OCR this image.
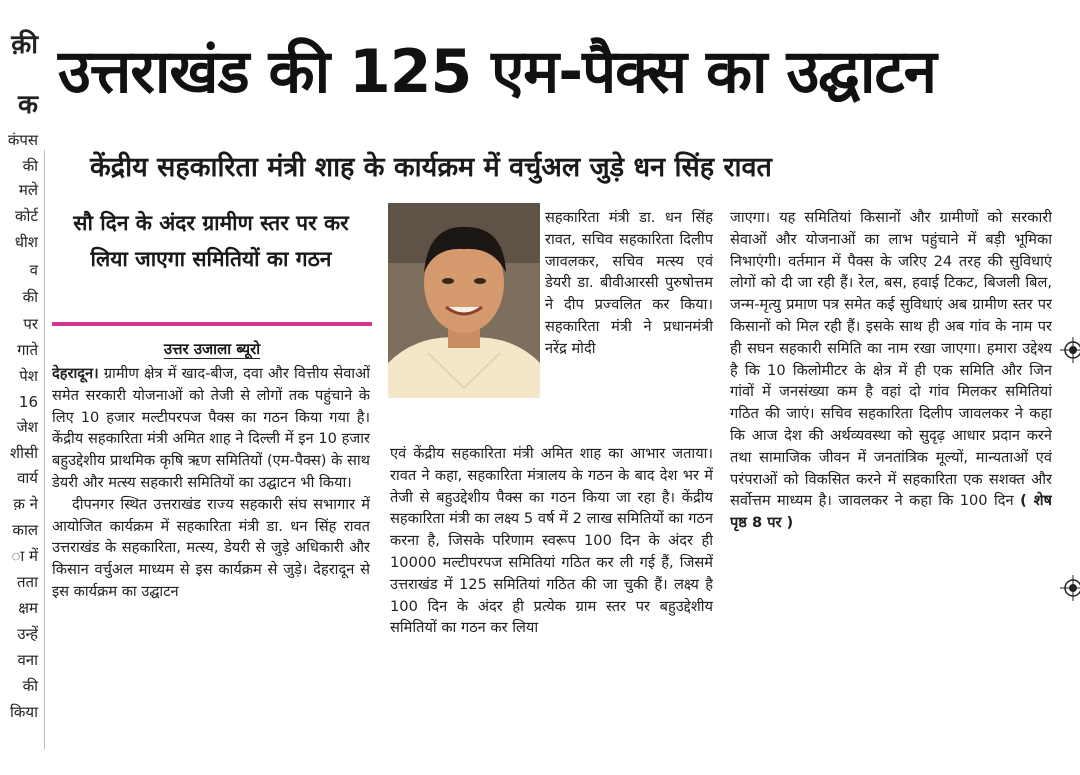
क़ी
क
कंपस
की
मले
कोर्ट
धीश
व
की
पर
गाते
पेश
16
जेश
शीसी
वार्य
क़ ने
काल
ा में
तता
क्षम
उन्हें
वना
की
किया
उत्तराखंड की 125 एम-पैक्स का उद्घाटन
केंद्रीय सहकारिता मंत्री शाह के कार्यक्रम में वर्चुअल जुड़े धन सिंह रावत
सौ दिन के अंदर ग्रामीण स्तर पर कर लिया जाएगा समितियों का गठन
उत्तर उजाला ब्यूरो

देहरादून। ग्रामीण क्षेत्र में खाद-बीज, दवा और वित्तीय सेवाओं समेत सरकारी योजनाओं को तेजी से लोगों तक पहुंचाने के लिए 10 हजार मल्टीपरपज पैक्स का गठन किया गया है। केंद्रीय सहकारिता मंत्री अमित शाह ने दिल्ली में इन 10 हजार बहुउद्देशीय प्राथमिक कृषि ऋण समितियों (एम-पैक्स) के साथ डेयरी और मत्स्य सहकारी समितियों का उद्घाटन भी किया।

दीपनगर स्थित उत्तराखंड राज्य सहकारी संघ सभागार में आयोजित कार्यक्रम में सहकारिता मंत्री डा. धन सिंह रावत उत्तराखंड के सहकारिता, मत्स्य, डेयरी से जुड़े अधिकारी और किसान वर्चुअल माध्यम से इस कार्यक्रम से जुड़े। देहरादून से इस कार्यक्रम का उद्घाटन

सहकारिता मंत्री डा. धन सिंह रावत, सचिव सहकारिता दिलीप जावलकर, सचिव मत्स्य एवं डेयरी डा. बीवीआरसी पुरुषोत्तम ने दीप प्रज्वलित कर किया। सहकारिता मंत्री ने प्रधानमंत्री नरेंद्र मोदी
एवं केंद्रीय सहकारिता मंत्री अमित शाह का आभार जताया। रावत ने कहा, सहकारिता मंत्रालय के गठन के बाद देश भर में तेजी से बहुउद्देशीय पैक्स का गठन किया जा रहा है। केंद्रीय सहकारिता मंत्री का लक्ष्य 5 वर्ष में 2 लाख समितियों का गठन करना है, जिसके परिणाम स्वरूप 100 दिन के अंदर ही 10000 मल्टीपरपज समितियां गठित कर ली गई हैं, जिसमें उत्तराखंड में 125 समितियां गठित की जा चुकी हैं। लक्ष्य है 100 दिन के अंदर ही प्रत्येक ग्राम स्तर पर बहुउद्देशीय समितियों का गठन कर लिया
जाएगा। यह समितियां किसानों और ग्रामीणों को सरकारी सेवाओं और योजनाओं का लाभ पहुंचाने में बड़ी भूमिका निभाएंगी। वर्तमान में पैक्स के जरिए 24 तरह की सुविधाएं लोगों को दी जा रही हैं। रेल, बस, हवाई टिकट, बिजली बिल, जन्म-मृत्यु प्रमाण पत्र समेत कई सुविधाएं अब ग्रामीण स्तर पर किसानों को मिल रही हैं। इसके साथ ही अब गांव के नाम पर ही सघन सहकारी समिति का नाम रखा जाएगा। हमारा उद्देश्य है कि 10 किलोमीटर के क्षेत्र में ही एक समिति और जिन गांवों में जनसंख्या कम है वहां दो गांव मिलकर समितियां गठित की जाएं। सचिव सहकारिता दिलीप जावलकर ने कहा कि आज देश की अर्थव्यवस्था को सुदृढ़ आधार प्रदान करने तथा सामाजिक जीवन में जनतांत्रिक मूल्यों, मान्यताओं एवं परंपराओं को विकसित करने में सहकारिता एक सशक्त और सर्वोत्तम माध्यम है। जावलकर ने कहा कि 100 दिन ( शेष पृष्ठ 8 पर )
